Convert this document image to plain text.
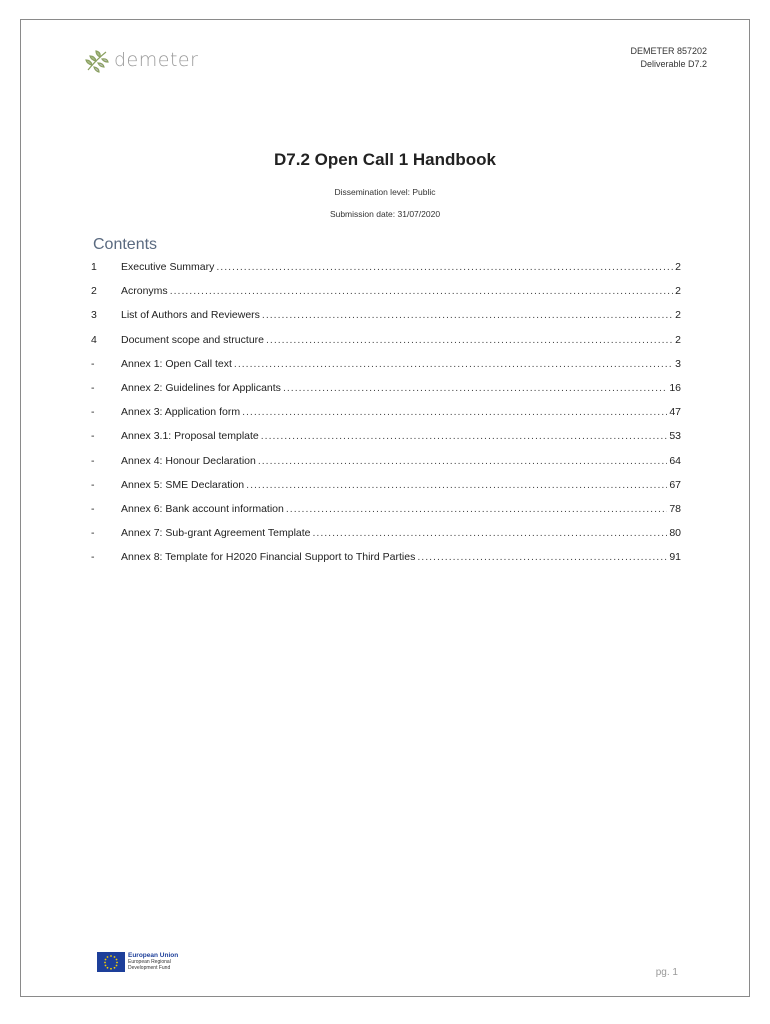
demeter	DEMETER 857202
Deliverable D7.2
D7.2 Open Call 1 Handbook
Dissemination level: Public
Submission date: 31/07/2020
Contents
1	Executive Summary .....	2
2	Acronyms .....	2
3	List of Authors and Reviewers .....	2
4	Document scope and structure .....	2
-	Annex 1: Open Call text .....	3
-	Annex 2: Guidelines for Applicants .....	16
-	Annex 3: Application form .....	47
-	Annex 3.1: Proposal template .....	53
-	Annex 4: Honour Declaration .....	64
-	Annex 5: SME Declaration .....	67
-	Annex 6: Bank account information .....	78
-	Annex 7: Sub-grant Agreement Template .....	80
-	Annex 8: Template for H2020 Financial Support to Third Parties .....	91
European Union
European Regional
Development Fund	pg. 1
